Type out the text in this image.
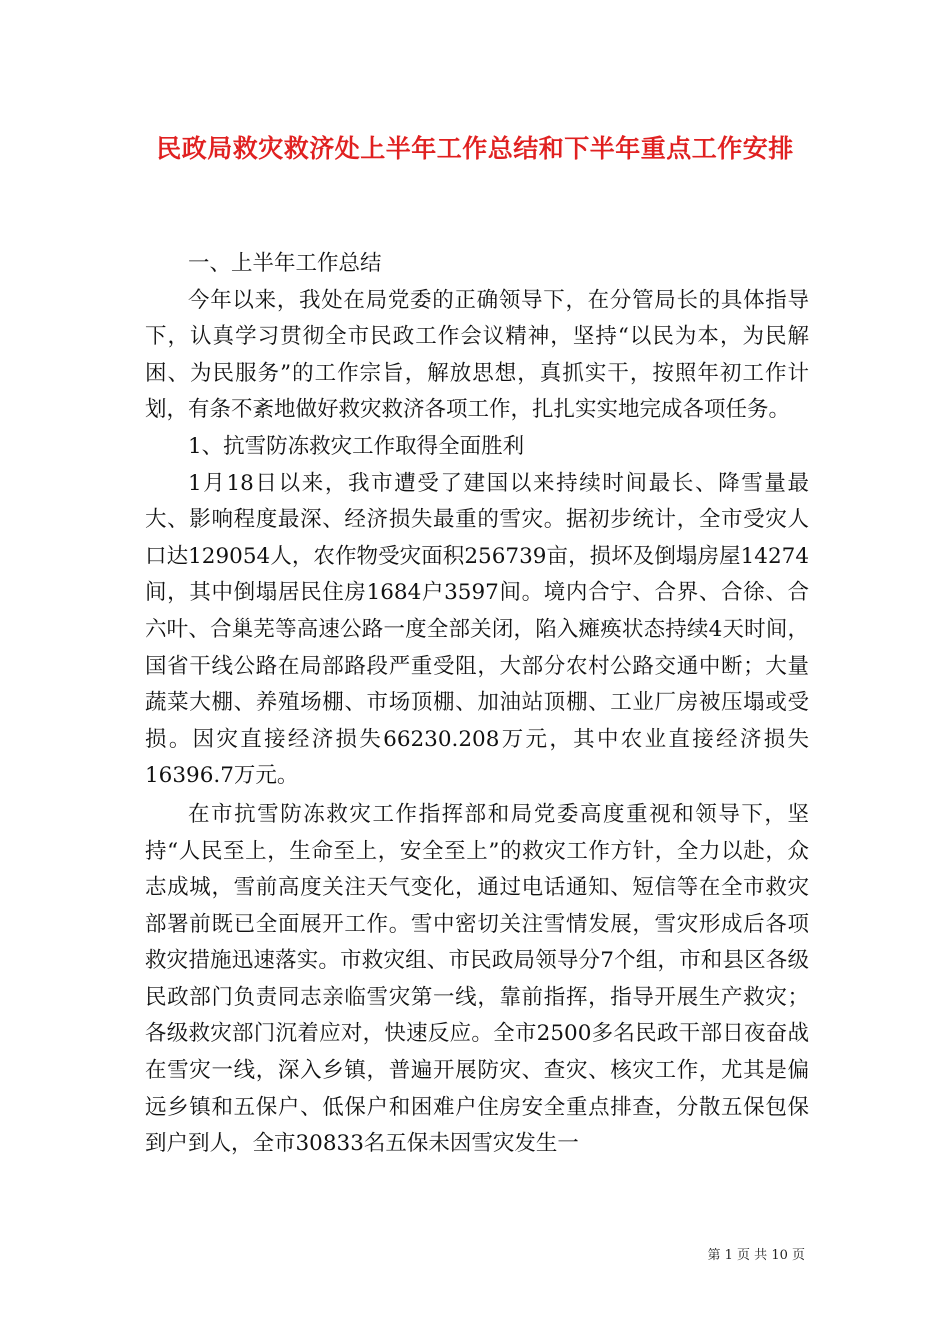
民政局救灾救济处上半年工作总结和下半年重点工作安排

一、上半年工作总结

今年以来，我处在局党委的正确领导下，在分管局长的具体指导下，认真学习贯彻全市民政工作会议精神，坚持“以民为本，为民解困、为民服务”的工作宗旨，解放思想，真抓实干，按照年初工作计划，有条不紊地做好救灾救济各项工作，扎扎实实地完成各项任务。

1、抗雪防冻救灾工作取得全面胜利

1月18日以来，我市遭受了建国以来持续时间最长、降雪量最大、影响程度最深、经济损失最重的雪灾。据初步统计，全市受灾人口达129054人，农作物受灾面积256739亩，损坏及倒塌房屋14274间，其中倒塌居民住房1684户3597间。境内合宁、合界、合徐、合六叶、合巢芜等高速公路一度全部关闭，陷入瘫痪状态持续4天时间，国省干线公路在局部路段严重受阻，大部分农村公路交通中断；大量蔬菜大棚、养殖场棚、市场顶棚、加油站顶棚、工业厂房被压塌或受损。因灾直接经济损失66230.208万元，其中农业直接经济损失16396.7万元。

在市抗雪防冻救灾工作指挥部和局党委高度重视和领导下，坚持“人民至上，生命至上，安全至上”的救灾工作方针，全力以赴，众志成城，雪前高度关注天气变化，通过电话通知、短信等在全市救灾部署前既已全面展开工作。雪中密切关注雪情发展，雪灾形成后各项救灾措施迅速落实。市救灾组、市民政局领导分7个组，市和县区各级民政部门负责同志亲临雪灾第一线，靠前指挥，指导开展生产救灾；各级救灾部门沉着应对，快速反应。全市2500多名民政干部日夜奋战在雪灾一线，深入乡镇，普遍开展防灾、查灾、核灾工作，尤其是偏远乡镇和五保户、低保户和困难户住房安全重点排查，分散五保包保到户到人，全市30833名五保未因雪灾发生一

第 1 页 共 10 页
